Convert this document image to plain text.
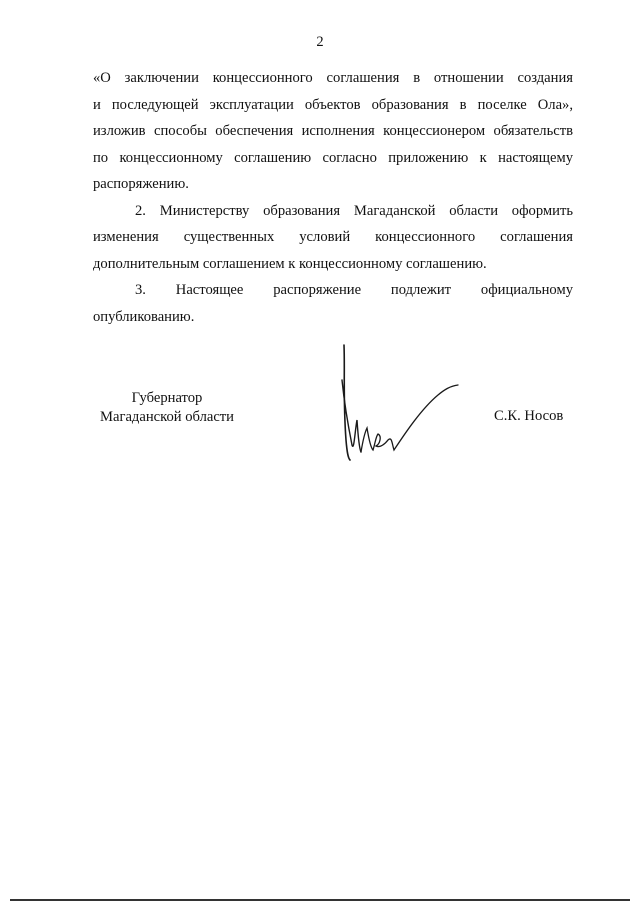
2

«О заключении концессионного соглашения в отношении создания
и последующей эксплуатации объектов образования в поселке Ола»,
изложив способы обеспечения исполнения концессионером обязательств
по концессионному соглашению согласно приложению к настоящему
распоряжению.

2. Министерству образования Магаданской области оформить
изменения существенных условий концессионного соглашения
дополнительным соглашением к концессионному соглашению.

3. Настоящее распоряжение подлежит официальному
опубликованию.

Губернатор
Магаданской области	С.К. Носов
